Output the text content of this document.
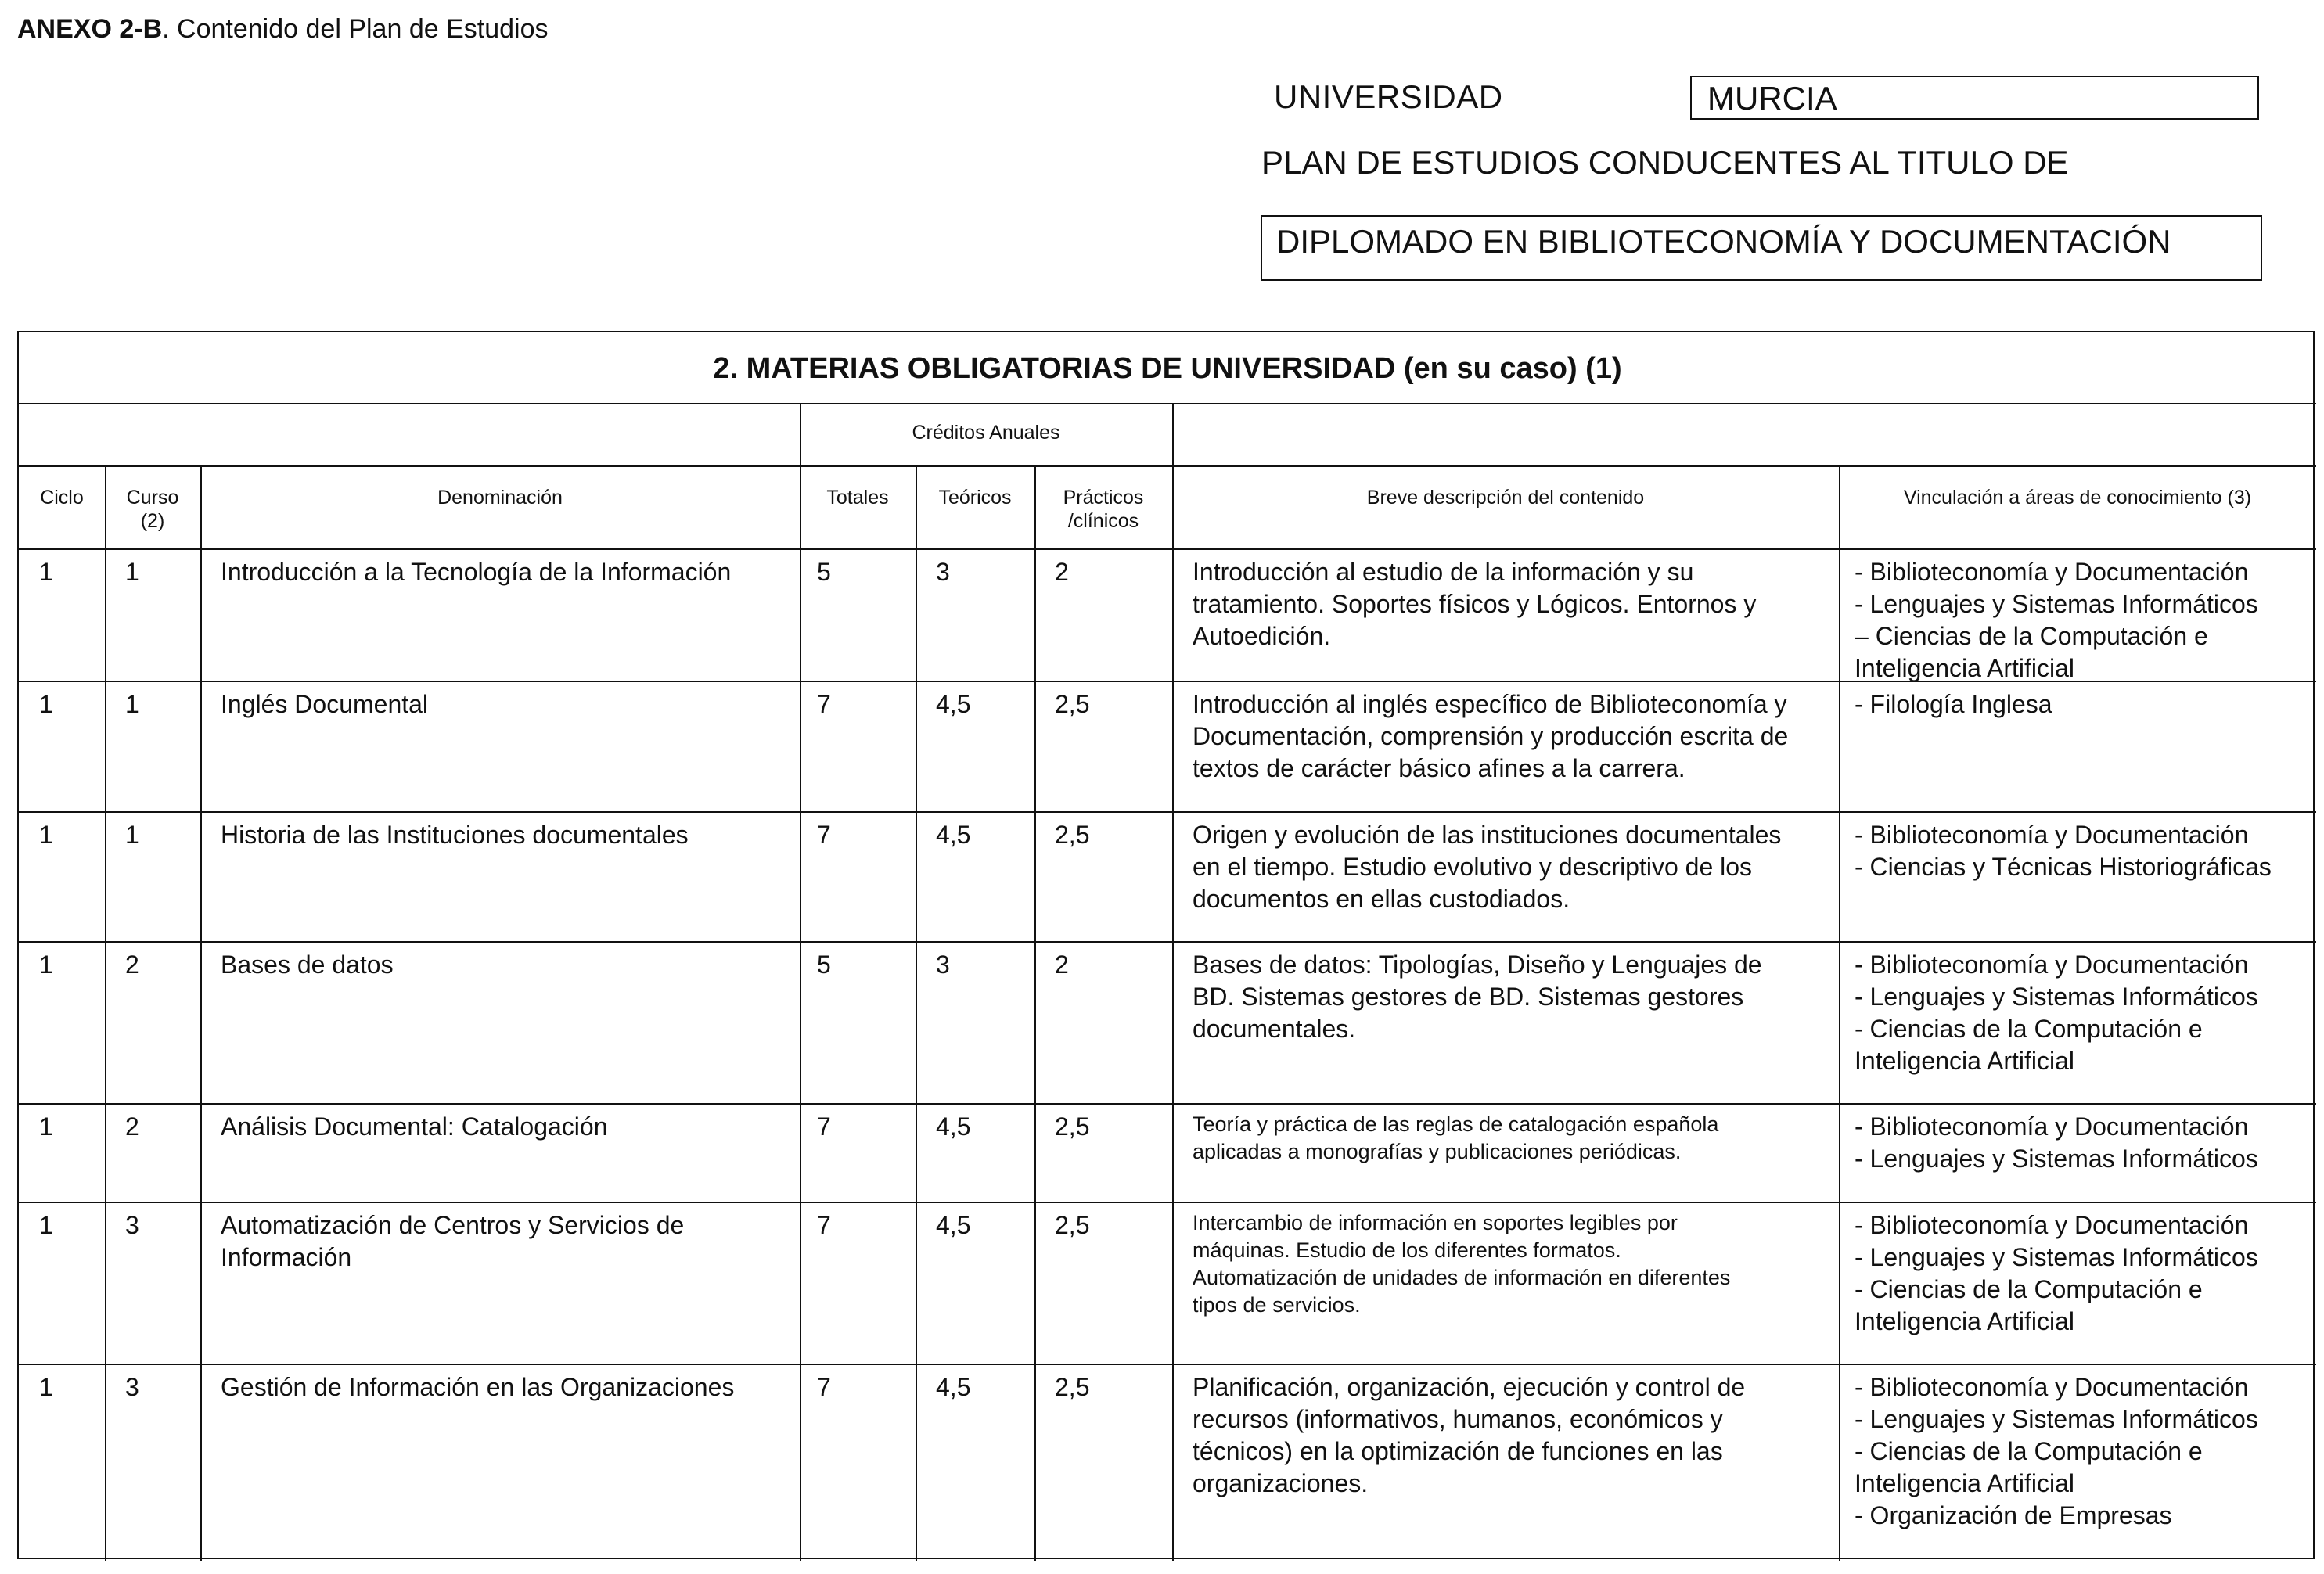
ANEXO 2-B. Contenido del Plan de Estudios
UNIVERSIDAD	MURCIA
PLAN DE ESTUDIOS CONDUCENTES AL TITULO DE
DIPLOMADO EN BIBLIOTECONOMÍA Y DOCUMENTACIÓN
2. MATERIAS OBLIGATORIAS DE UNIVERSIDAD (en su caso) (1)
Créditos Anuales
Ciclo	Curso
(2)
Denominación	Totales	Teóricos	Prácticos
/clínicos
Breve descripción del contenido	Vinculación a áreas de conocimiento (3)
1	1	Introducción a la Tecnología de la Información	5	3	2	Introducción al estudio de la información y su
tratamiento. Soportes físicos y Lógicos. Entornos y
Autoedición.
- Biblioteconomía y Documentación
- Lenguajes y Sistemas Informáticos
– Ciencias de la Computación e
Inteligencia Artificial
1	1	Inglés Documental	7	4,5	2,5	Introducción al inglés específico de Biblioteconomía y
Documentación, comprensión y producción escrita de
textos de carácter básico afines a la carrera.
- Filología Inglesa
1	1	Historia de las Instituciones documentales	7	4,5	2,5	Origen y evolución de las instituciones documentales
en el tiempo. Estudio evolutivo y descriptivo de los
documentos en ellas custodiados.
- Biblioteconomía y Documentación
- Ciencias y Técnicas Historiográficas
1	2	Bases de datos	5	3	2	Bases de datos: Tipologías, Diseño y Lenguajes de
BD. Sistemas gestores de BD. Sistemas gestores
documentales.
- Biblioteconomía y Documentación
- Lenguajes y Sistemas Informáticos
- Ciencias de la Computación e
Inteligencia Artificial
1	2	Análisis Documental: Catalogación	7	4,5	2,5	Teoría y práctica de las reglas de catalogación española
aplicadas a monografías y publicaciones periódicas.
- Biblioteconomía y Documentación
- Lenguajes y Sistemas Informáticos
1	3	Automatización de Centros y Servicios de
Información
7	4,5	2,5	Intercambio de información en soportes legibles por
máquinas. Estudio de los diferentes formatos.
Automatización de unidades de información en diferentes
tipos de servicios.
- Biblioteconomía y Documentación
- Lenguajes y Sistemas Informáticos
- Ciencias de la Computación e
Inteligencia Artificial
1	3	Gestión de Información en las Organizaciones	7	4,5	2,5	Planificación, organización, ejecución y control de
recursos (informativos, humanos, económicos y
técnicos) en la optimización de funciones en las
organizaciones.
- Biblioteconomía y Documentación
- Lenguajes y Sistemas Informáticos
- Ciencias de la Computación e
Inteligencia Artificial
- Organización de Empresas
